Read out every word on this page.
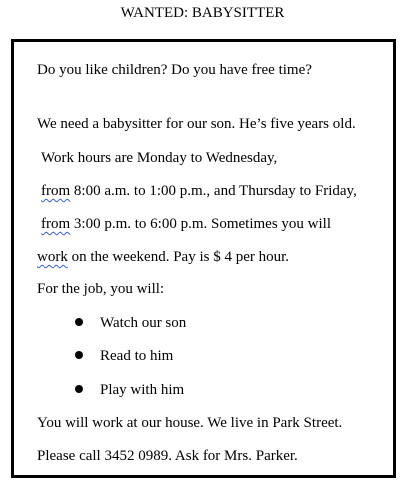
WANTED: BABYSITTER
Do you like children? Do you have free time?
We need a babysitter for our son. He’s five years old.
Work hours are Monday to Wednesday,
from 8:00 a.m. to 1:00 p.m., and Thursday to Friday,
from 3:00 p.m. to 6:00 p.m. Sometimes you will
work on the weekend. Pay is $ 4 per hour.
For the job, you will:
Watch our son
Read to him
Play with him
You will work at our house. We live in Park Street.
Please call 3452 0989. Ask for Mrs. Parker.
